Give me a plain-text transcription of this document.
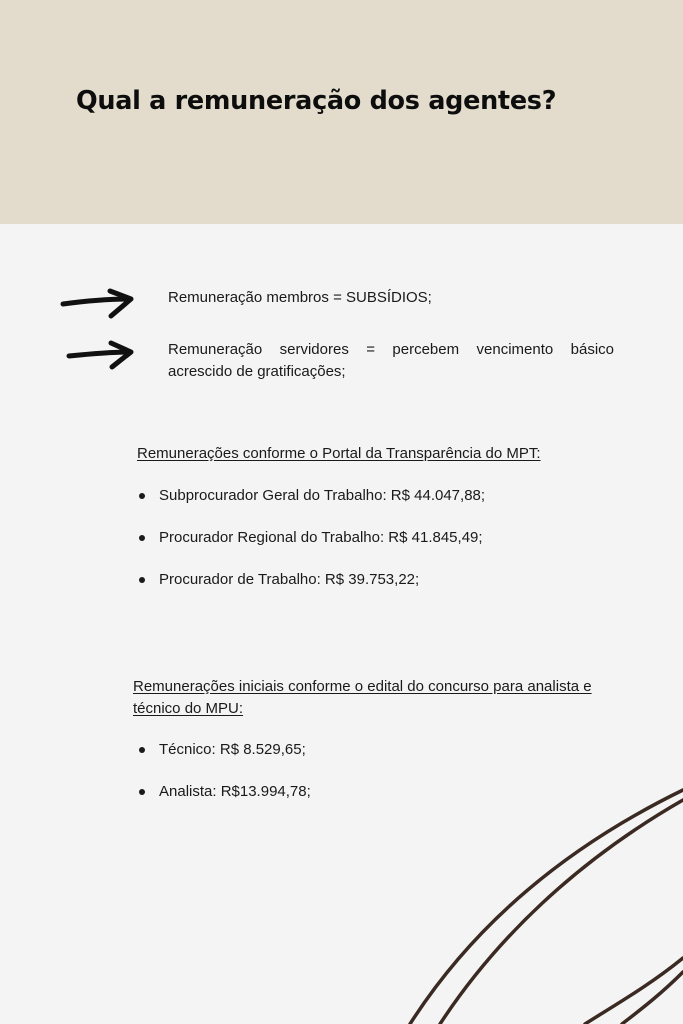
Qual a remuneração dos agentes?

Remuneração membros = SUBSÍDIOS;

Remuneração servidores = percebem vencimento básico acrescido de gratificações;

Remunerações conforme o Portal da Transparência do MPT:

Subprocurador Geral do Trabalho: R$ 44.047,88;
Procurador Regional do Trabalho: R$ 41.845,49;
Procurador de Trabalho: R$ 39.753,22;

Remunerações iniciais conforme o edital do concurso para analista e técnico do MPU:

Técnico: R$ 8.529,65;
Analista: R$13.994,78;
